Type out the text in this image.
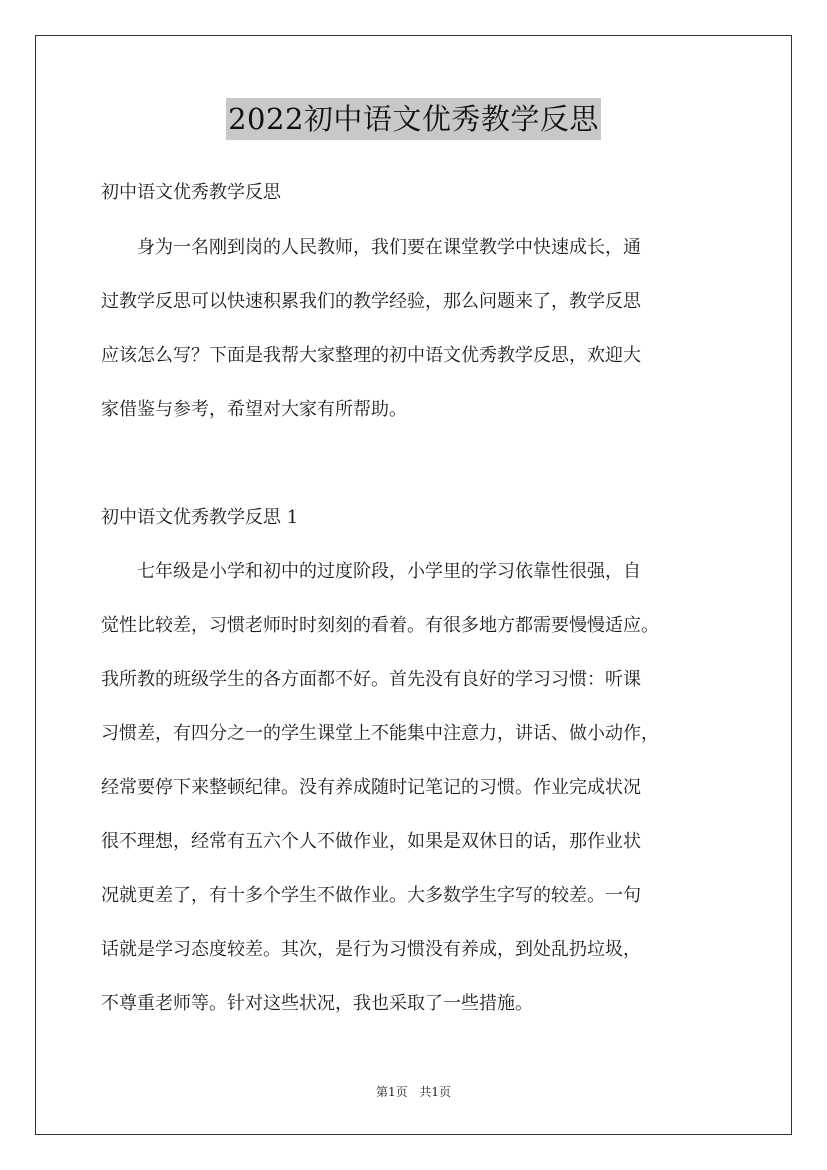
2022初中语文优秀教学反思
初中语文优秀教学反思
　　身为一名刚到岗的人民教师，我们要在课堂教学中快速成长，通
过教学反思可以快速积累我们的教学经验，那么问题来了，教学反思
应该怎么写？下面是我帮大家整理的初中语文优秀教学反思，欢迎大
家借鉴与参考，希望对大家有所帮助。
初中语文优秀教学反思 1
　　七年级是小学和初中的过度阶段，小学里的学习依靠性很强，自
觉性比较差，习惯老师时时刻刻的看着。有很多地方都需要慢慢适应。
我所教的班级学生的各方面都不好。首先没有良好的学习习惯：听课
习惯差，有四分之一的学生课堂上不能集中注意力，讲话、做小动作，
经常要停下来整顿纪律。没有养成随时记笔记的习惯。作业完成状况
很不理想，经常有五六个人不做作业，如果是双休日的话，那作业状
况就更差了，有十多个学生不做作业。大多数学生字写的较差。一句
话就是学习态度较差。其次，是行为习惯没有养成，到处乱扔垃圾，
不尊重老师等。针对这些状况，我也采取了一些措施。
第1页 共1页
